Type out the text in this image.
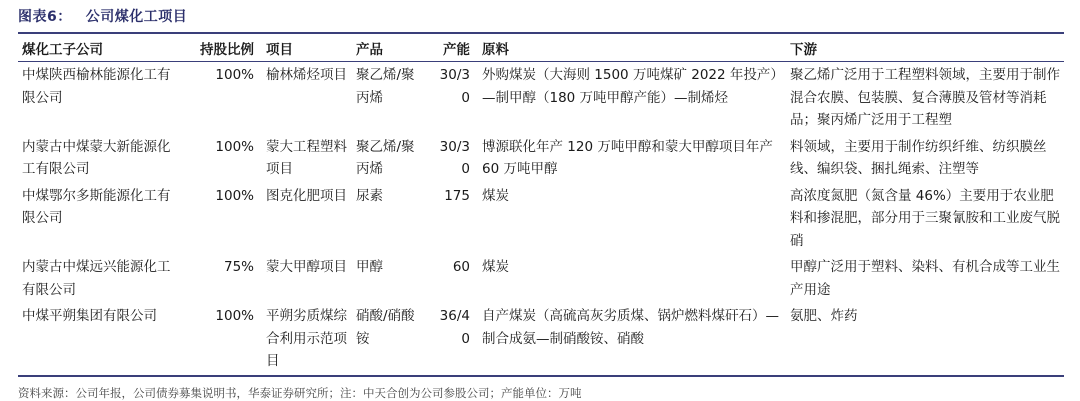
图表6： 公司煤化工项目
煤化工子公司	持股比例	项目	产品	产能	原料	下游
中煤陕西榆林能源化工有限公司	100%	榆林烯烃项目	聚乙烯/聚丙烯	30/30	外购煤炭（大海则 1500 万吨煤矿 2022 年投产）—制甲醇（180 万吨甲醇产能）—制烯烃	聚乙烯广泛用于工程塑料领域，主要用于制作混合农膜、包装膜、复合薄膜及管材等消耗品；聚丙烯广泛用于工程塑
内蒙古中煤蒙大新能源化工有限公司	100%	蒙大工程塑料项目	聚乙烯/聚丙烯	30/30	博源联化年产 120 万吨甲醇和蒙大甲醇项目年产 60 万吨甲醇	料领域，主要用于制作纺织纤维、纺织膜丝线、编织袋、捆扎绳索、注塑等
中煤鄂尔多斯能源化工有限公司	100%	图克化肥项目	尿素	175	煤炭	高浓度氮肥（氮含量 46%）主要用于农业肥料和掺混肥，部分用于三聚氰胺和工业废气脱硝
内蒙古中煤远兴能源化工有限公司	75%	蒙大甲醇项目	甲醇	60	煤炭	甲醇广泛用于塑料、染料、有机合成等工业生产用途
中煤平朔集团有限公司	100%	平朔劣质煤综合利用示范项目	硝酸/硝酸铵	36/40	自产煤炭（高硫高灰劣质煤、锅炉燃料煤矸石）—制合成氨—制硝酸铵、硝酸	氨肥、炸药
资料来源：公司年报，公司债券募集说明书，华泰证券研究所；注：中天合创为公司参股公司；产能单位：万吨
